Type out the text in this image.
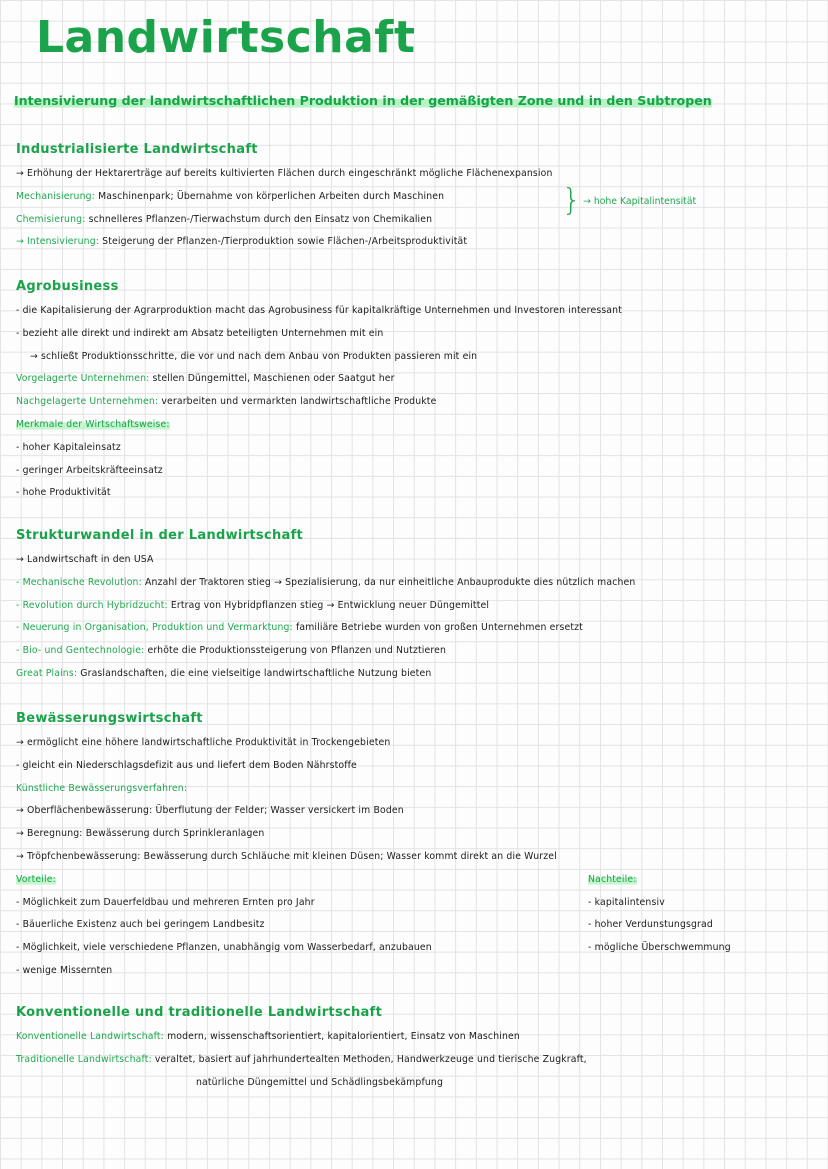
Landwirtschaft
Intensivierung der landwirtschaftlichen Produktion in der gemäßigten Zone und in den Subtropen
Industrialisierte Landwirtschaft
→ Erhöhung der Hektarerträge auf bereits kultivierten Flächen durch eingeschränkt mögliche Flächenexpansion
Mechanisierung: Maschinenpark; Übernahme von körperlichen Arbeiten durch Maschinen
Chemisierung: schnelleres Pflanzen-/Tierwachstum durch den Einsatz von Chemikalien
} → hohe Kapitalintensität
→ Intensivierung: Steigerung der Pflanzen-/Tierproduktion sowie Flächen-/Arbeitsproduktivität
Agrobusiness
- die Kapitalisierung der Agrarproduktion macht das Agrobusiness für kapitalkräftige Unternehmen und Investoren interessant
- bezieht alle direkt und indirekt am Absatz beteiligten Unternehmen mit ein
→ schließt Produktionsschritte, die vor und nach dem Anbau von Produkten passieren mit ein
Vorgelagerte Unternehmen: stellen Düngemittel, Maschienen oder Saatgut her
Nachgelagerte Unternehmen: verarbeiten und vermarkten landwirtschaftliche Produkte
Merkmale der Wirtschaftsweise:
- hoher Kapitaleinsatz
- geringer Arbeitskräfteeinsatz
- hohe Produktivität
Strukturwandel in der Landwirtschaft
→ Landwirtschaft in den USA
- Mechanische Revolution: Anzahl der Traktoren stieg → Spezialisierung, da nur einheitliche Anbauprodukte dies nützlich machen
- Revolution durch Hybridzucht: Ertrag von Hybridpflanzen stieg → Entwicklung neuer Düngemittel
- Neuerung in Organisation, Produktion und Vermarktung: familiäre Betriebe wurden von großen Unternehmen ersetzt
- Bio- und Gentechnologie: erhöte die Produktionssteigerung von Pflanzen und Nutztieren
Great Plains: Graslandschaften, die eine vielseitige landwirtschaftliche Nutzung bieten
Bewässerungswirtschaft
→ ermöglicht eine höhere landwirtschaftliche Produktivität in Trockengebieten
- gleicht ein Niederschlagsdefizit aus und liefert dem Boden Nährstoffe
Künstliche Bewässerungsverfahren:
→ Oberflächenbewässerung: Überflutung der Felder; Wasser versickert im Boden
→ Beregnung: Bewässerung durch Sprinkleranlagen
→ Tröpfchenbewässerung: Bewässerung durch Schläuche mit kleinen Düsen; Wasser kommt direkt an die Wurzel
Vorteile:
- Möglichkeit zum Dauerfeldbau und mehreren Ernten pro Jahr
- Bäuerliche Existenz auch bei geringem Landbesitz
- Möglichkeit, viele verschiedene Pflanzen, unabhängig vom Wasserbedarf, anzubauen
- wenige Missernten
Nachteile:
- kapitalintensiv
- hoher Verdunstungsgrad
- mögliche Überschwemmung
Konventionelle und traditionelle Landwirtschaft
Konventionelle Landwirtschaft: modern, wissenschaftsorientiert, kapitalorientiert, Einsatz von Maschinen
Traditionelle Landwirtschaft: veraltet, basiert auf jahrhundertealten Methoden, Handwerkzeuge und tierische Zugkraft,
natürliche Düngemittel und Schädlingsbekämpfung
